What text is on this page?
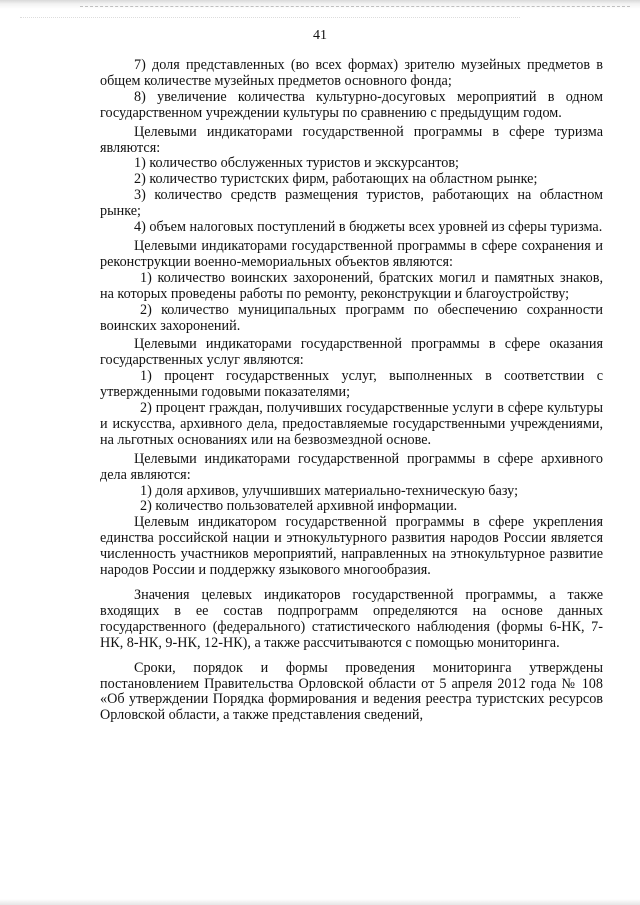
41

7) доля представленных (во всех формах) зрителю музейных предметов в общем количестве музейных предметов основного фонда;

8) увеличение количества культурно-досуговых мероприятий в одном государственном учреждении культуры по сравнению с предыдущим годом.

Целевыми индикаторами государственной программы в сфере туризма являются:

1) количество обслуженных туристов и экскурсантов;

2) количество туристских фирм, работающих на областном рынке;

3) количество средств размещения туристов, работающих на областном рынке;

4) объем налоговых поступлений в бюджеты всех уровней из сферы туризма.

Целевыми индикаторами государственной программы в сфере сохранения и реконструкции военно-мемориальных объектов являются:

1) количество воинских захоронений, братских могил и памятных знаков, на которых проведены работы по ремонту, реконструкции и благоустройству;

2) количество муниципальных программ по обеспечению сохранности воинских захоронений.

Целевыми индикаторами государственной программы в сфере оказания государственных услуг являются:

1) процент государственных услуг, выполненных в соответствии с утвержденными годовыми показателями;

2) процент граждан, получивших государственные услуги в сфере культуры и искусства, архивного дела, предоставляемые государственными учреждениями, на льготных основаниях или на безвозмездной основе.

Целевыми индикаторами государственной программы в сфере архивного дела являются:

1) доля архивов, улучшивших материально-техническую базу;

2) количество пользователей архивной информации.

Целевым индикатором государственной программы в сфере укрепления единства российской нации и этнокультурного развития народов России является численность участников мероприятий, направленных на этнокультурное развитие народов России и поддержку языкового многообразия.

Значения целевых индикаторов государственной программы, а также входящих в ее состав подпрограмм определяются на основе данных государственного (федерального) статистического наблюдения (формы 6-НК, 7-НК, 8-НК, 9-НК, 12-НК), а также рассчитываются с помощью мониторинга.

Сроки, порядок и формы проведения мониторинга утверждены постановлением Правительства Орловской области от 5 апреля 2012 года № 108 «Об утверждении Порядка формирования и ведения реестра туристских ресурсов Орловской области, а также представления сведений,
